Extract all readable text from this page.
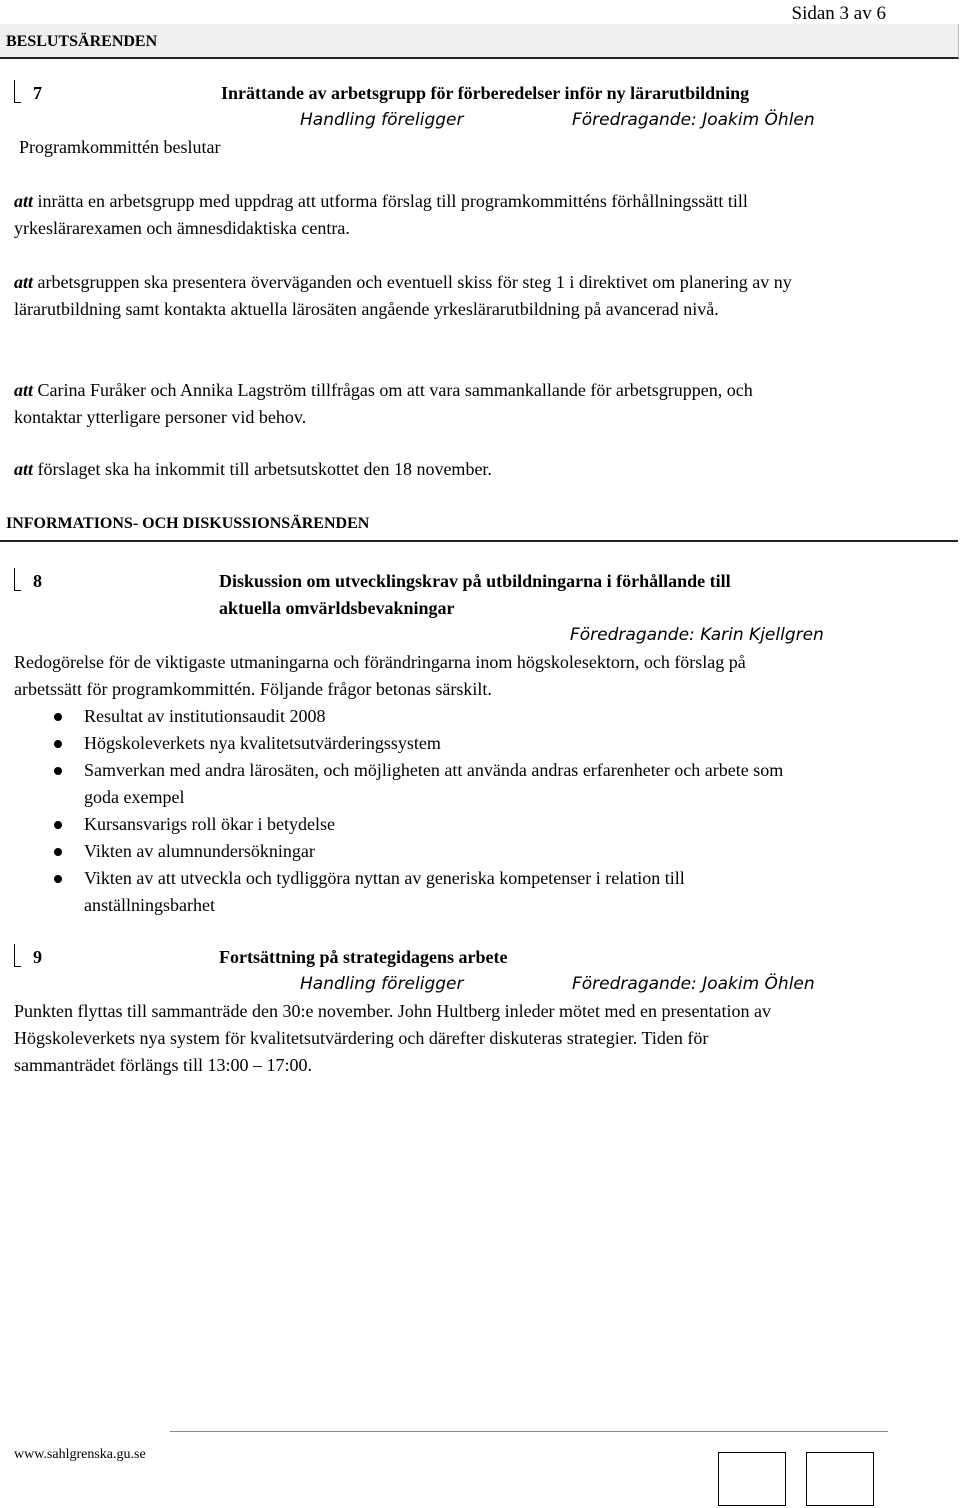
Sidan 3 av 6
BESLUTSÄRENDEN
7	Inrättande av arbetsgrupp för förberedelser inför ny lärarutbildning
Handling föreligger	Föredragande: Joakim Öhlen
Programkommittén beslutar

att inrätta en arbetsgrupp med uppdrag att utforma förslag till programkommitténs förhållningssätt till yrkeslärarexamen och ämnesdidaktiska centra.

att arbetsgruppen ska presentera överväganden och eventuell skiss för steg 1 i direktivet om planering av ny lärarutbildning samt kontakta aktuella lärosäten angående yrkeslärarutbildning på avancerad nivå.

att Carina Furåker och Annika Lagström tillfrågas om att vara sammankallande för arbetsgruppen, och kontaktar ytterligare personer vid behov.

att förslaget ska ha inkommit till arbetsutskottet den 18 november.

INFORMATIONS- OCH DISKUSSIONSÄRENDEN
8	Diskussion om utvecklingskrav på utbildningarna i förhållande till
aktuella omvärldsbevakningar
Föredragande: Karin Kjellgren
Redogörelse för de viktigaste utmaningarna och förändringarna inom högskolesektorn, och förslag på arbetssätt för programkommittén. Följande frågor betonas särskilt.
Resultat av institutionsaudit 2008
Högskoleverkets nya kvalitetsutvärderingssystem
Samverkan med andra lärosäten, och möjligheten att använda andras erfarenheter och arbete som goda exempel
Kursansvarigs roll ökar i betydelse
Vikten av alumnundersökningar
Vikten av att utveckla och tydliggöra nyttan av generiska kompetenser i relation till anställningsbarhet
9	Fortsättning på strategidagens arbete
Handling föreligger	Föredragande: Joakim Öhlen
Punkten flyttas till sammanträde den 30:e november. John Hultberg inleder mötet med en presentation av Högskoleverkets nya system för kvalitetsutvärdering och därefter diskuteras strategier. Tiden för sammanträdet förlängs till 13:00 – 17:00.
www.sahlgrenska.gu.se
